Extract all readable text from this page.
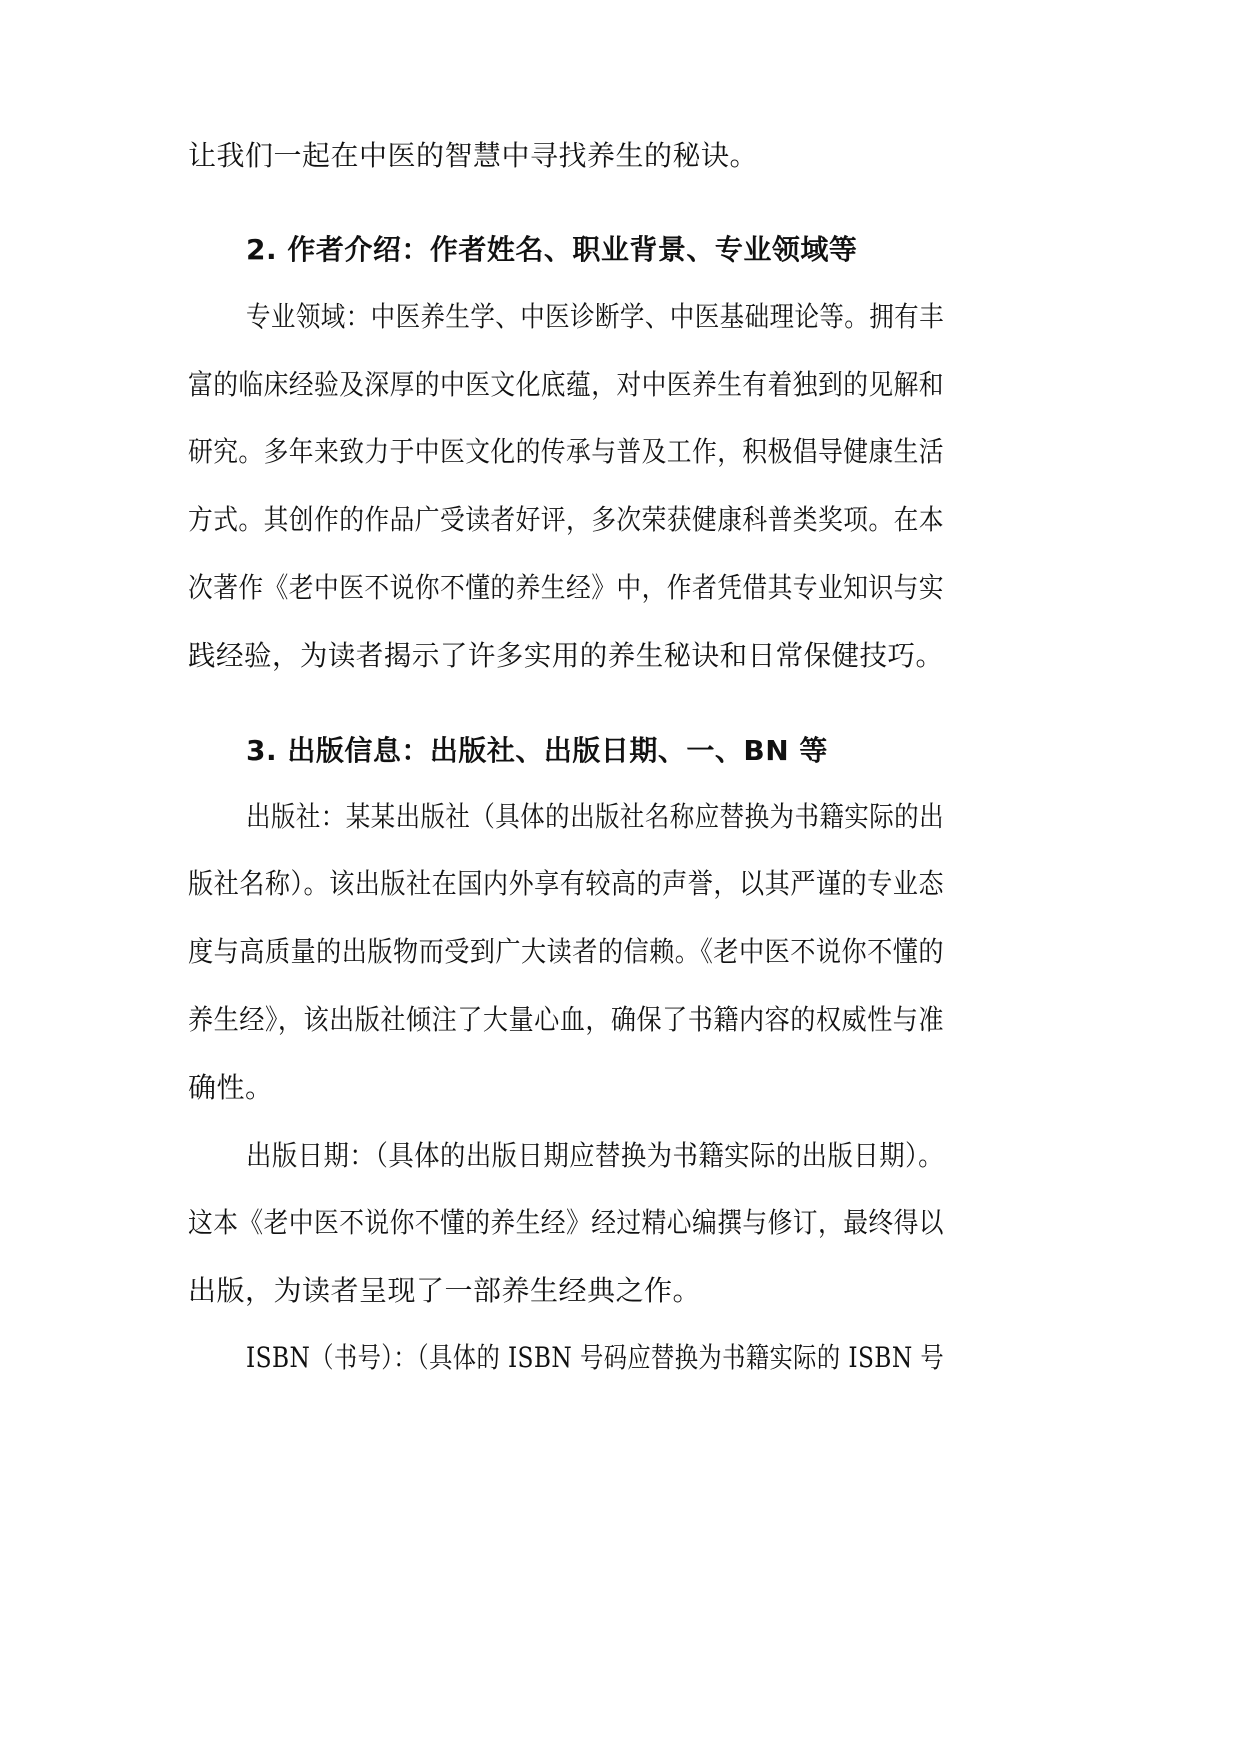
让我们一起在中医的智慧中寻找养生的秘诀。
2. 作者介绍：作者姓名、职业背景、专业领域等
专业领域：中医养生学、中医诊断学、中医基础理论等。拥有丰
富的临床经验及深厚的中医文化底蕴，对中医养生有着独到的见解和
研究。多年来致力于中医文化的传承与普及工作，积极倡导健康生活
方式。其创作的作品广受读者好评，多次荣获健康科普类奖项。在本
次著作《老中医不说你不懂的养生经》中，作者凭借其专业知识与实
践经验，为读者揭示了许多实用的养生秘诀和日常保健技巧。
3. 出版信息：出版社、出版日期、一、BN 等
出版社：某某出版社（具体的出版社名称应替换为书籍实际的出
版社名称）。该出版社在国内外享有较高的声誉，以其严谨的专业态
度与高质量的出版物而受到广大读者的信赖。《老中医不说你不懂的
养生经》，该出版社倾注了大量心血，确保了书籍内容的权威性与准
确性。
出版日期：（具体的出版日期应替换为书籍实际的出版日期）。
这本《老中医不说你不懂的养生经》经过精心编撰与修订，最终得以
出版，为读者呈现了一部养生经典之作。
ISBN（书号）：（具体的 ISBN 号码应替换为书籍实际的 ISBN 号
